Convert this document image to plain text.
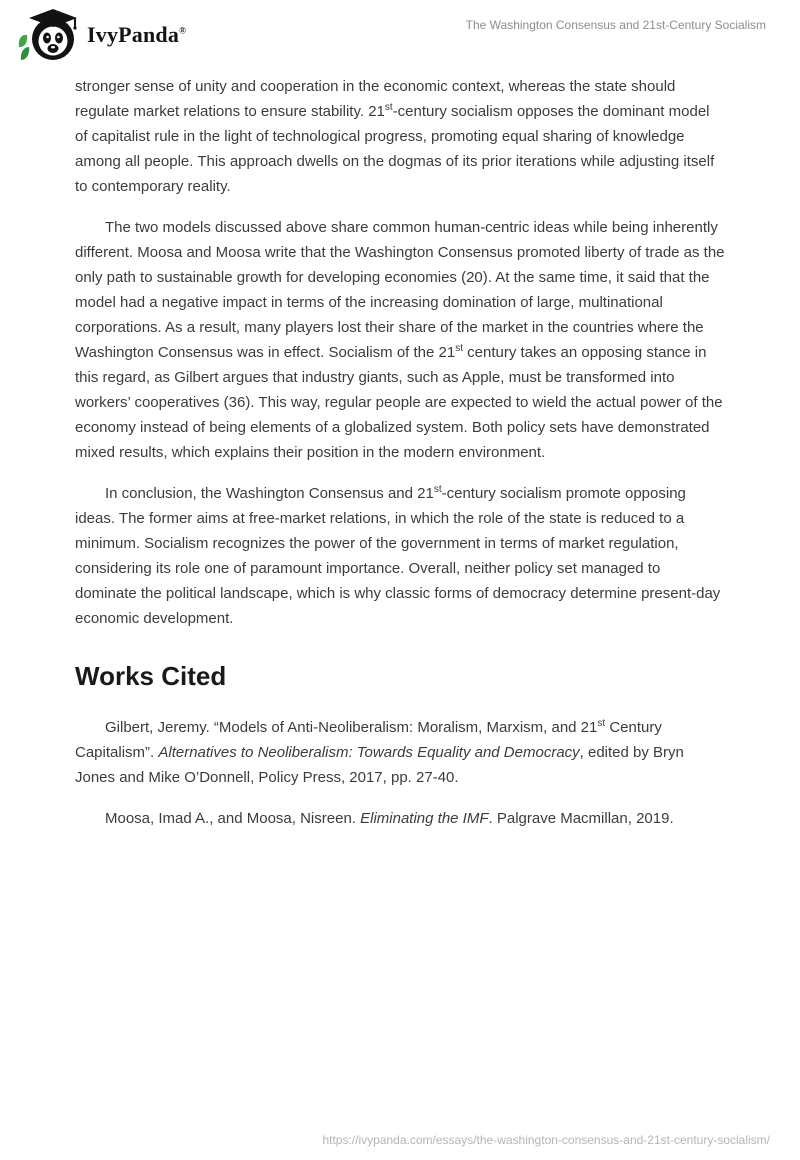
IvyPanda®	The Washington Consensus and 21st-Century Socialism

stronger sense of unity and cooperation in the economic context, whereas the state should regulate market relations to ensure stability. 21st-century socialism opposes the dominant model of capitalist rule in the light of technological progress, promoting equal sharing of knowledge among all people. This approach dwells on the dogmas of its prior iterations while adjusting itself to contemporary reality.

The two models discussed above share common human-centric ideas while being inherently different. Moosa and Moosa write that the Washington Consensus promoted liberty of trade as the only path to sustainable growth for developing economies (20). At the same time, it said that the model had a negative impact in terms of the increasing domination of large, multinational corporations. As a result, many players lost their share of the market in the countries where the Washington Consensus was in effect. Socialism of the 21st century takes an opposing stance in this regard, as Gilbert argues that industry giants, such as Apple, must be transformed into workers’ cooperatives (36). This way, regular people are expected to wield the actual power of the economy instead of being elements of a globalized system. Both policy sets have demonstrated mixed results, which explains their position in the modern environment.

In conclusion, the Washington Consensus and 21st-century socialism promote opposing ideas. The former aims at free-market relations, in which the role of the state is reduced to a minimum. Socialism recognizes the power of the government in terms of market regulation, considering its role one of paramount importance. Overall, neither policy set managed to dominate the political landscape, which is why classic forms of democracy determine present-day economic development.

Works Cited

Gilbert, Jeremy. “Models of Anti-Neoliberalism: Moralism, Marxism, and 21st Century Capitalism”. Alternatives to Neoliberalism: Towards Equality and Democracy, edited by Bryn Jones and Mike O’Donnell, Policy Press, 2017, pp. 27-40.

Moosa, Imad A., and Moosa, Nisreen. Eliminating the IMF. Palgrave Macmillan, 2019.

https://ivypanda.com/essays/the-washington-consensus-and-21st-century-socialism/
